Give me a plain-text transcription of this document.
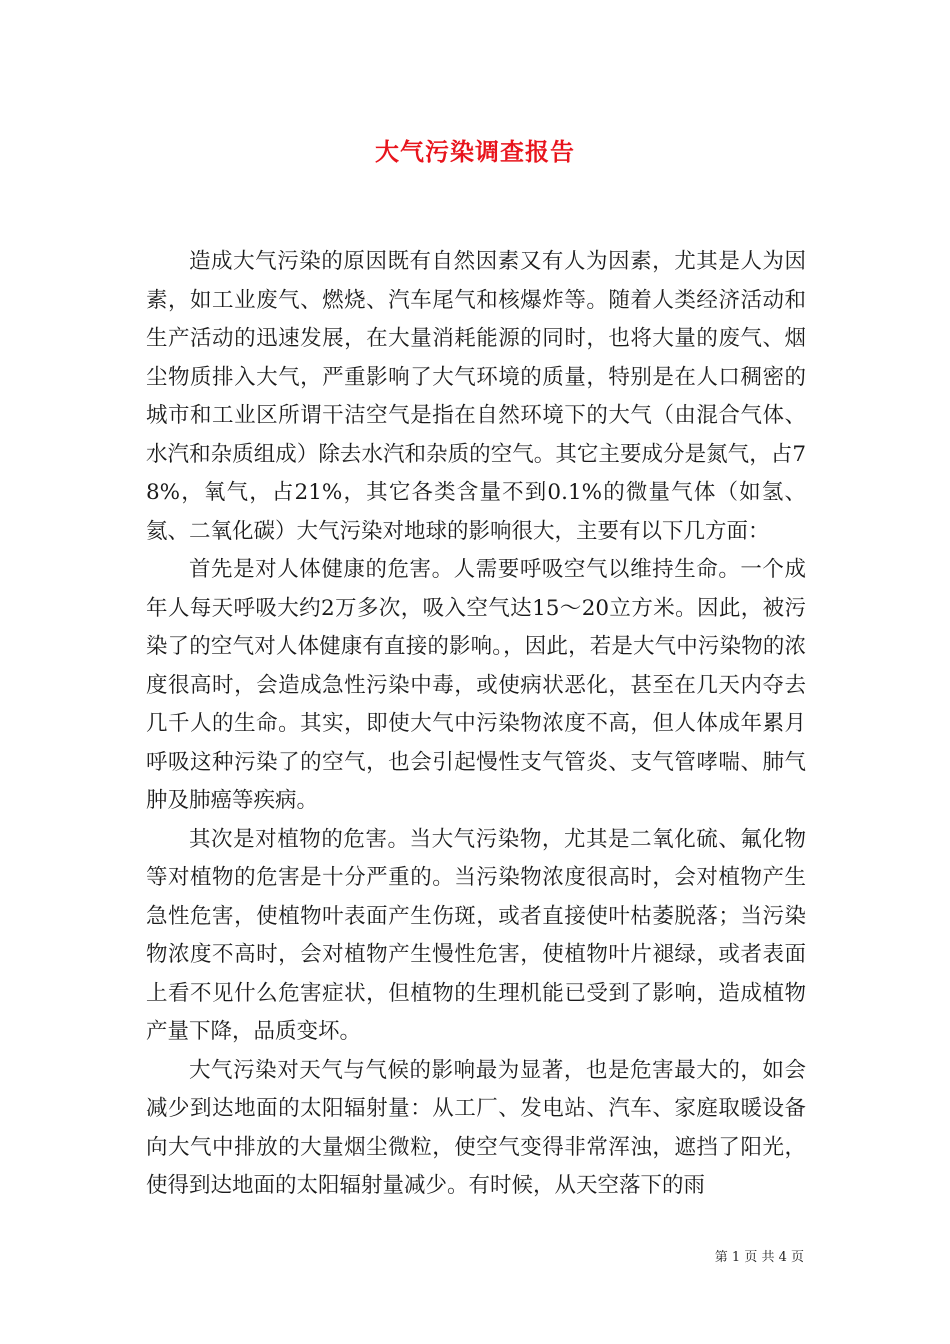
大气污染调查报告

造成大气污染的原因既有自然因素又有人为因素，尤其是人为因素，如工业废气、燃烧、汽车尾气和核爆炸等。随着人类经济活动和生产活动的迅速发展，在大量消耗能源的同时，也将大量的废气、烟尘物质排入大气，严重影响了大气环境的质量，特别是在人口稠密的城市和工业区所谓干洁空气是指在自然环境下的大气（由混合气体、水汽和杂质组成）除去水汽和杂质的空气。其它主要成分是氮气，占78%，氧气，占21%，其它各类含量不到0.1%的微量气体（如氢、氦、二氧化碳）大气污染对地球的影响很大，主要有以下几方面：

首先是对人体健康的危害。人需要呼吸空气以维持生命。一个成年人每天呼吸大约2万多次，吸入空气达15～20立方米。因此，被污染了的空气对人体健康有直接的影响。，因此，若是大气中污染物的浓度很高时，会造成急性污染中毒，或使病状恶化，甚至在几天内夺去几千人的生命。其实，即使大气中污染物浓度不高，但人体成年累月呼吸这种污染了的空气，也会引起慢性支气管炎、支气管哮喘、肺气肿及肺癌等疾病。

其次是对植物的危害。当大气污染物，尤其是二氧化硫、氟化物等对植物的危害是十分严重的。当污染物浓度很高时，会对植物产生急性危害，使植物叶表面产生伤斑，或者直接使叶枯萎脱落；当污染物浓度不高时，会对植物产生慢性危害，使植物叶片褪绿，或者表面上看不见什么危害症状，但植物的生理机能已受到了影响，造成植物产量下降，品质变坏。

大气污染对天气与气候的影响最为显著，也是危害最大的，如会减少到达地面的太阳辐射量：从工厂、发电站、汽车、家庭取暖设备向大气中排放的大量烟尘微粒，使空气变得非常浑浊，遮挡了阳光，使得到达地面的太阳辐射量减少。有时候，从天空落下的雨

第 1 页 共 4 页
